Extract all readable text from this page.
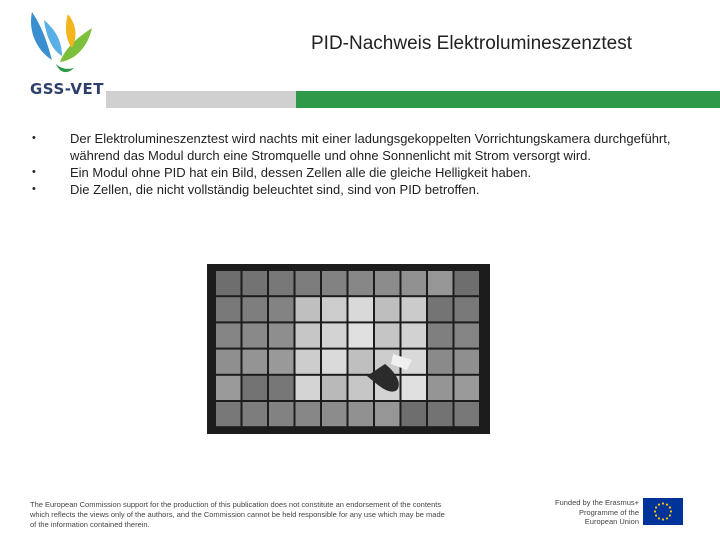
GSS-VET
PID-Nachweis Elektrolumineszenztest
•	Der Elektrolumineszenztest wird nachts mit einer ladungsgekoppelten Vorrichtungskamera durchgeführt, während das Modul durch eine Stromquelle und ohne Sonnenlicht mit Strom versorgt wird.
•	Ein Modul ohne PID hat ein Bild, dessen Zellen alle die gleiche Helligkeit haben.
•	Die Zellen, die nicht vollständig beleuchtet sind, sind von PID betroffen.
The European Commission support for the production of this publication does not constitute an endorsement of the contents which reflects the views only of the authors, and the Commission cannot be held responsible for any use which may be made of the information contained therein.
Funded by the Erasmus+ Programme of the European Union
